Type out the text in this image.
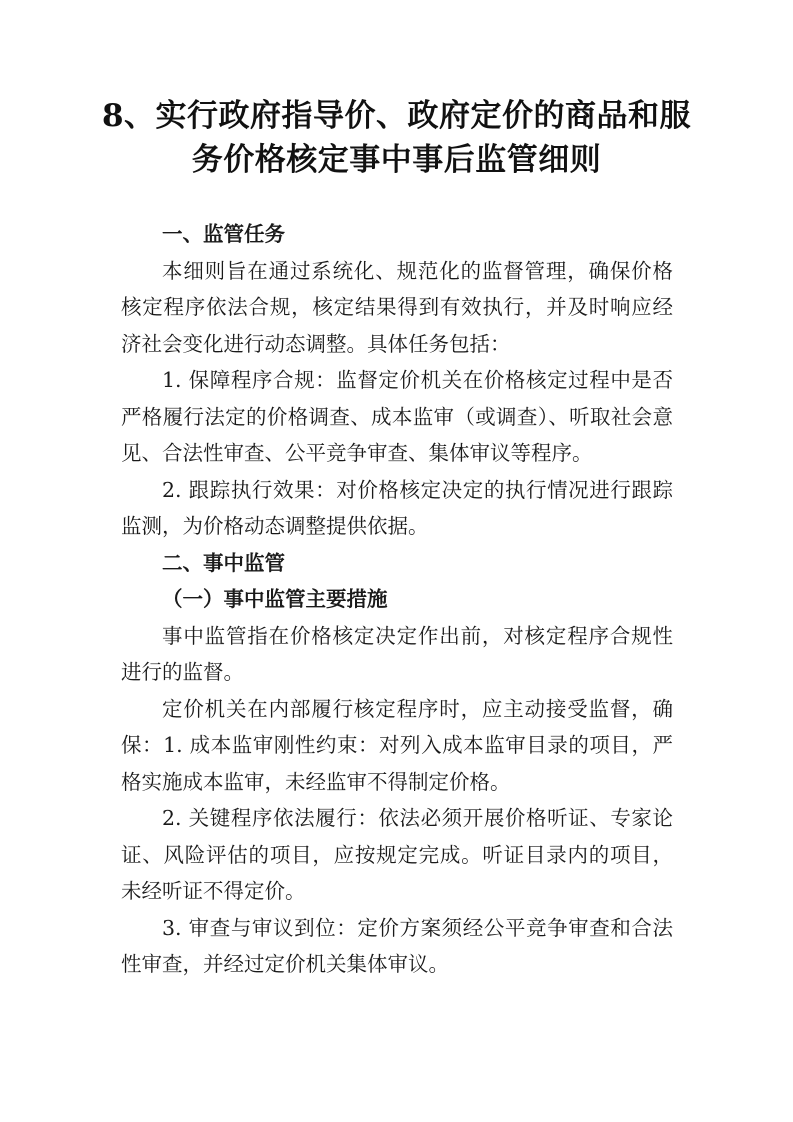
8、实行政府指导价、政府定价的商品和服
务价格核定事中事后监管细则

一、监管任务

本细则旨在通过系统化、规范化的监督管理，确保价格核定程序依法合规，核定结果得到有效执行，并及时响应经济社会变化进行动态调整。具体任务包括：

1. 保障程序合规：监督定价机关在价格核定过程中是否严格履行法定的价格调查、成本监审（或调查）、听取社会意见、合法性审查、公平竞争审查、集体审议等程序。

2. 跟踪执行效果：对价格核定决定的执行情况进行跟踪监测，为价格动态调整提供依据。

二、事中监管

（一）事中监管主要措施

事中监管指在价格核定决定作出前，对核定程序合规性进行的监督。

定价机关在内部履行核定程序时，应主动接受监督，确保：1. 成本监审刚性约束：对列入成本监审目录的项目，严格实施成本监审，未经监审不得制定价格。

2. 关键程序依法履行：依法必须开展价格听证、专家论证、风险评估的项目，应按规定完成。听证目录内的项目，未经听证不得定价。

3. 审查与审议到位：定价方案须经公平竞争审查和合法性审查，并经过定价机关集体审议。
